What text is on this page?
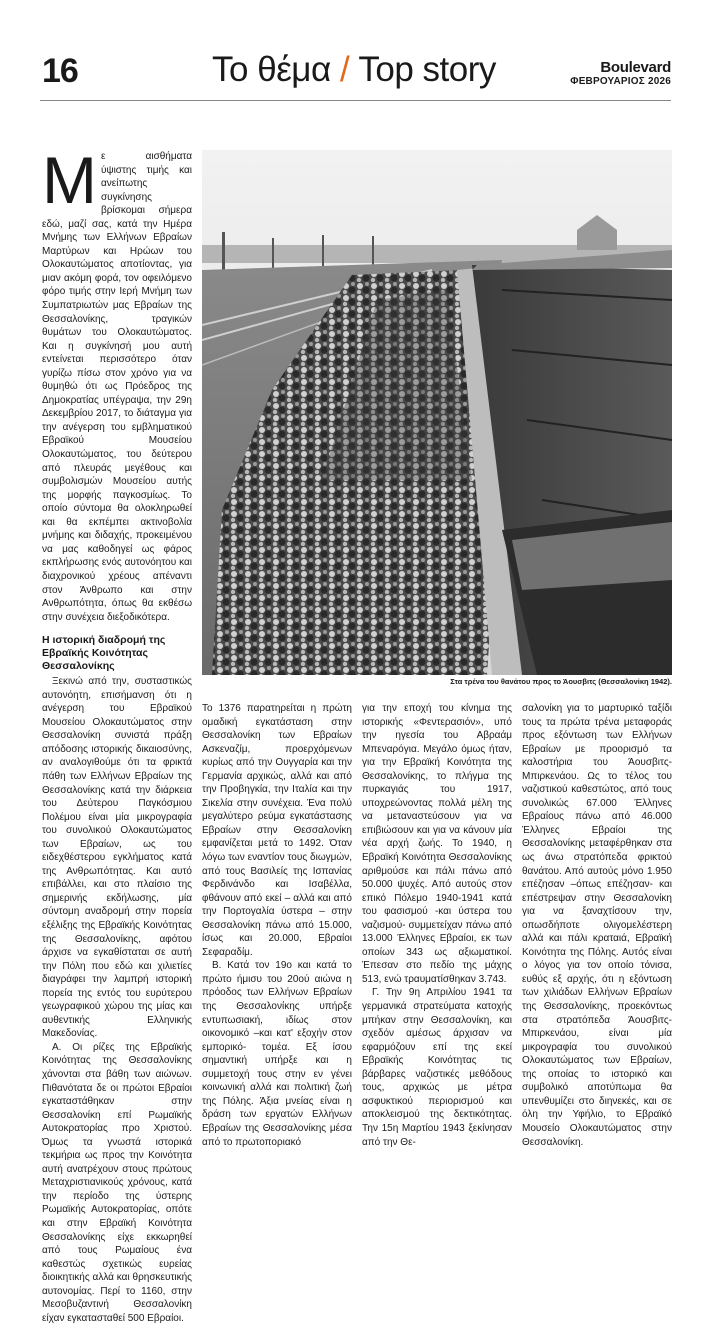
16	Το θέμα / Top story	Boulevard
ΦΕΒΡΟΥΑΡΙΟΣ 2026
Μ ε αισθήματα ύψιστης τιμής και ανείπωτης συγκίνησης βρίσκομαι σήμερα εδώ, μαζί σας, κατά την Ημέρα Μνήμης των Ελλήνων Εβραίων Μαρτύρων και Ηρώων του Ολοκαυτώματος αποτίοντας, για μιαν ακόμη φορά, τον οφειλόμενο φόρο τιμής στην Ιερή Μνήμη των Συμπατριωτών μας Εβραίων της Θεσσαλονίκης, τραγικών θυμάτων του Ολοκαυτώματος. Και η συγκίνησή μου αυτή εντείνεται περισσότερο όταν γυρίζω πίσω στον χρόνο για να θυμηθώ ότι ως Πρόεδρος της Δημοκρατίας υπέγραψα, την 29η Δεκεμβρίου 2017, το διάταγμα για την ανέγερση του εμβληματικού Εβραϊκού Μουσείου Ολοκαυτώματος, του δεύτερου από πλευράς μεγέθους και συμβολισμών Μουσείου αυτής της μορφής παγκοσμίως. Το οποίο σύντομα θα ολοκληρωθεί και θα εκπέμπει ακτινοβολία μνήμης και διδαχής, προκειμένου να μας καθοδηγεί ως φάρος εκπλήρωσης ενός αυτονόητου και διαχρονικού χρέους απέναντι στον Άνθρωπο και στην Ανθρωπότητα, όπως θα εκθέσω στην συνέχεια διεξοδικότερα.

Η ιστορική διαδρομή της Εβραϊκής Κοινότητας Θεσσαλονίκης

Ξεκινώ από την, συσταστικώς αυτονόητη, επισήμανση ότι η ανέγερση του Εβραϊκού Μουσείου Ολοκαυτώματος στην Θεσσαλονίκη συνιστά πράξη απόδοσης ιστορικής δικαιοσύνης, αν αναλογιθούμε ότι τα φρικτά πάθη των Ελλήνων Εβραίων της Θεσσαλονίκης κατά την διάρκεια του Δεύτερου Παγκόσμιου Πολέμου είναι μία μικρογραφία του συνολικού Ολοκαυτώματος των Εβραίων, ως του ειδεχθέστερου εγκλήματος κατά της Ανθρωπότητας. Και αυτό επιβάλλει, και στο πλαίσιο της σημερινής εκδήλωσης, μία σύντομη αναδρομή στην πορεία εξέλιξης της Εβραϊκής Κοινότητας της Θεσσαλονίκης, αφότου άρχισε να εγκαθίσταται σε αυτή την Πόλη που εδώ και χιλιετίες διαγράφει την λαμπρή ιστορική πορεία της εντός του ευρύτερου γεωγραφικού χώρου της μίας και αυθεντικής Ελληνικής Μακεδονίας.

Α. Οι ρίζες της Εβραϊκής Κοινότητας της Θεσσαλονίκης χάνονται στα βάθη των αιώνων. Πιθανότατα δε οι πρώτοι Εβραίοι εγκαταστάθηκαν στην Θεσσαλονίκη επί Ρωμαϊκής Αυτοκρατορίας προ Χριστού. Όμως τα γνωστά ιστορικά τεκμήρια ως προς την Κοινότητα αυτή ανατρέχουν στους πρώτους Μεταχριστιανικούς χρόνους, κατά την περίοδο της ύστερης Ρωμαϊκής Αυτοκρατορίας, οπότε και στην Εβραϊκή Κοινότητα Θεσσαλονίκης είχε εκκωρηθεί από τους Ρωμαίους ένα καθεστώς σχετικώς ευρείας διοικητικής αλλά και θρησκευτικής αυτονομίας. Περί το 1160, στην Μεσοβυζαντινή Θεσσαλονίκη είχαν εγκατασταθεί 500 Εβραίοι.

Στα τρένα του θανάτου προς το Άουσβιτς (Θεσσαλονίκη 1942).

Το 1376 παρατηρείται η πρώτη ομαδική εγκατάσταση στην Θεσσαλονίκη των Εβραίων Ασκεναζίμ, προερχόμενων κυρίως από την Ουγγαρία και την Γερμανία αρχικώς, αλλά και από την Προβηγκία, την Ιταλία και την Σικελία στην συνέχεια. Ένα πολύ μεγαλύτερο ρεύμα εγκατάστασης Εβραίων στην Θεσσαλονίκη εμφανίζεται μετά το 1492. Όταν λόγω των εναντίον τους διωγμών, από τους Βασιλείς της Ισπανίας Φερδινάνδο και Ισαβέλλα, φθάνουν από εκεί – αλλά και από την Πορτογαλία ύστερα – στην Θεσσαλονίκη πάνω από 15.000, ίσως και 20.000, Εβραίοι Σεφαραδίμ.

Β. Κατά τον 19ο και κατά το πρώτο ήμισυ του 20ού αιώνα η πρόοδος των Ελλήνων Εβραίων της Θεσσαλονίκης υπήρξε εντυπωσιακή, ιδίως στον οικονομικό –και κατ' εξοχήν στον εμπορικό- τομέα. Εξ ίσου σημαντική υπήρξε και η συμμετοχή τους στην εν γένει κοινωνική αλλά και πολιτική ζωή της Πόλης. Άξια μνείας είναι η δράση των εργατών Ελλήνων Εβραίων της Θεσσαλονίκης μέσα από το πρωτοποριακό

για την εποχή του κίνημα της ιστορικής «Φεντερασιόν», υπό την ηγεσία του Αβραάμ Μπεναρόγια. Μεγάλο όμως ήταν, για την Εβραϊκή Κοινότητα της Θεσσαλονίκης, το πλήγμα της πυρκαγιάς του 1917, υποχρεώνοντας πολλά μέλη της να μεταναστεύσουν για να επιβιώσουν και για να κάνουν μία νέα αρχή ζωής. Το 1940, η Εβραϊκή Κοινότητα Θεσσαλονίκης αριθμούσε και πάλι πάνω από 50.000 ψυχές. Από αυτούς στον επικό Πόλεμο 1940-1941 κατά του φασισμού -και ύστερα του ναζισμού- συμμετείχαν πάνω από 13.000 Έλληνες Εβραίοι, εκ των οποίων 343 ως αξιωματικοί. Έπεσαν στο πεδίο της μάχης 513, ενώ τραυματίσθηκαν 3.743.

Γ. Την 9η Απριλίου 1941 τα γερμανικά στρατεύματα κατοχής μπήκαν στην Θεσσαλονίκη, και σχεδόν αμέσως άρχισαν να εφαρμόζουν επί της εκεί Εβραϊκής Κοινότητας τις βάρβαρες ναζιστικές μεθόδους τους, αρχικώς με μέτρα ασφυκτικού περιορισμού και αποκλεισμού της δεκτικότητας. Την 15η Μαρτίου 1943 ξεκίνησαν από την Θε-

σαλονίκη για το μαρτυρικό ταξίδι τους τα πρώτα τρένα μεταφοράς προς εξόντωση των Ελλήνων Εβραίων με προορισμό τα καλοστήρια του Άουσβιτς-Μπιρκενάου. Ως το τέλος του ναζιστικού καθεστώτος, από τους συνολικώς 67.000 Έλληνες Εβραίους πάνω από 46.000 Έλληνες Εβραίοι της Θεσσαλονίκης μεταφέρθηκαν στα ως άνω στρατόπεδα φρικτού θανάτου. Από αυτούς μόνο 1.950 επέζησαν –όπως επέζησαν- και επέστρεψαν στην Θεσσαλονίκη για να ξαναχτίσουν την, οπωσδήποτε ολιγομελέστερη αλλά και πάλι κραταιά, Εβραϊκή Κοινότητα της Πόλης. Αυτός είναι ο λόγος για τον οποίο τόνισα, ευθύς εξ αρχής, ότι η εξόντωση των χιλιάδων Ελλήνων Εβραίων της Θεσσαλονίκης, προεκόντως στα στρατόπεδα Άουσβιτς-Μπιρκενάου, είναι μία μικρογραφία του συνολικού Ολοκαυτώματος των Εβραίων, της οποίας το ιστορικό και συμβολικό αποτύπωμα θα υπενθυμίζει στο διηνεκές, και σε όλη την Υφήλιο, το Εβραϊκό Μουσείο Ολοκαυτώματος στην Θεσσαλονίκη.
